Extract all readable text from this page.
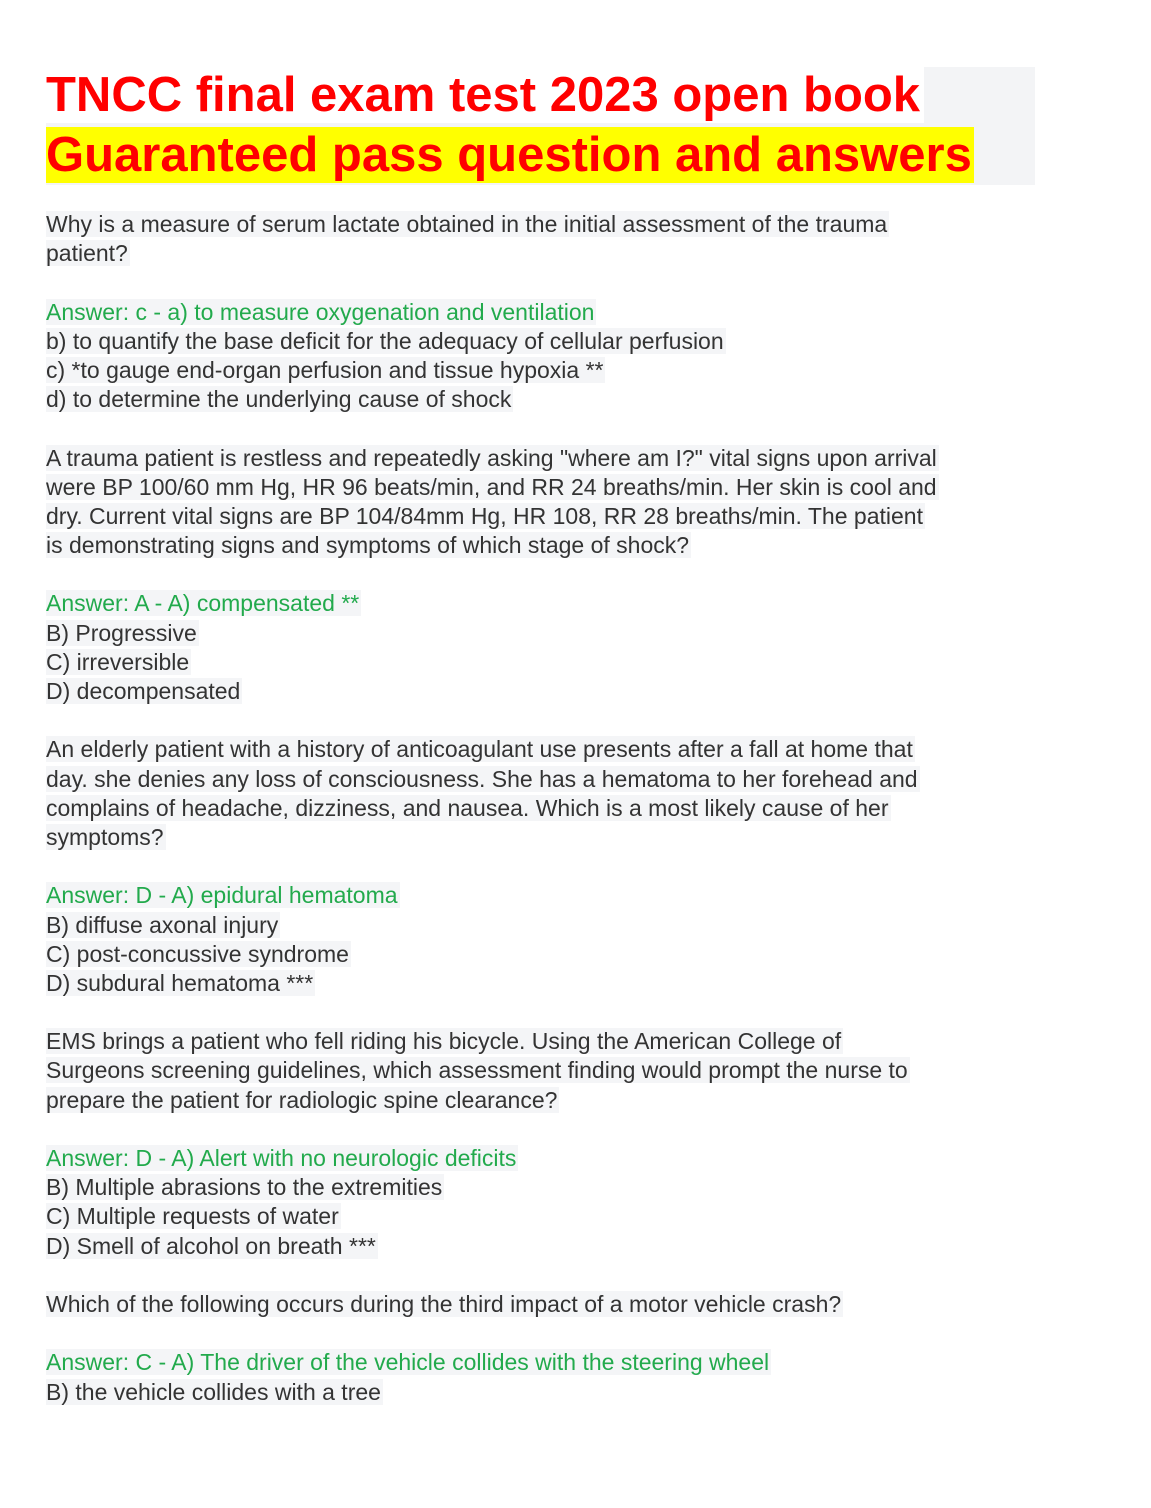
TNCC final exam test 2023 open book
Guaranteed pass question and answers
Why is a measure of serum lactate obtained in the initial assessment of the trauma
patient?
Answer: c - a) to measure oxygenation and ventilation
b) to quantify the base deficit for the adequacy of cellular perfusion
c) *to gauge end-organ perfusion and tissue hypoxia **
d) to determine the underlying cause of shock
A trauma patient is restless and repeatedly asking "where am I?" vital signs upon arrival
were BP 100/60 mm Hg, HR 96 beats/min, and RR 24 breaths/min. Her skin is cool and
dry. Current vital signs are BP 104/84mm Hg, HR 108, RR 28 breaths/min. The patient
is demonstrating signs and symptoms of which stage of shock?
Answer: A - A) compensated **
B) Progressive
C) irreversible
D) decompensated
An elderly patient with a history of anticoagulant use presents after a fall at home that
day. she denies any loss of consciousness. She has a hematoma to her forehead and
complains of headache, dizziness, and nausea. Which is a most likely cause of her
symptoms?
Answer: D - A) epidural hematoma
B) diffuse axonal injury
C) post-concussive syndrome
D) subdural hematoma ***
EMS brings a patient who fell riding his bicycle. Using the American College of
Surgeons screening guidelines, which assessment finding would prompt the nurse to
prepare the patient for radiologic spine clearance?
Answer: D - A) Alert with no neurologic deficits
B) Multiple abrasions to the extremities
C) Multiple requests of water
D) Smell of alcohol on breath ***
Which of the following occurs during the third impact of a motor vehicle crash?
Answer: C - A) The driver of the vehicle collides with the steering wheel
B) the vehicle collides with a tree
